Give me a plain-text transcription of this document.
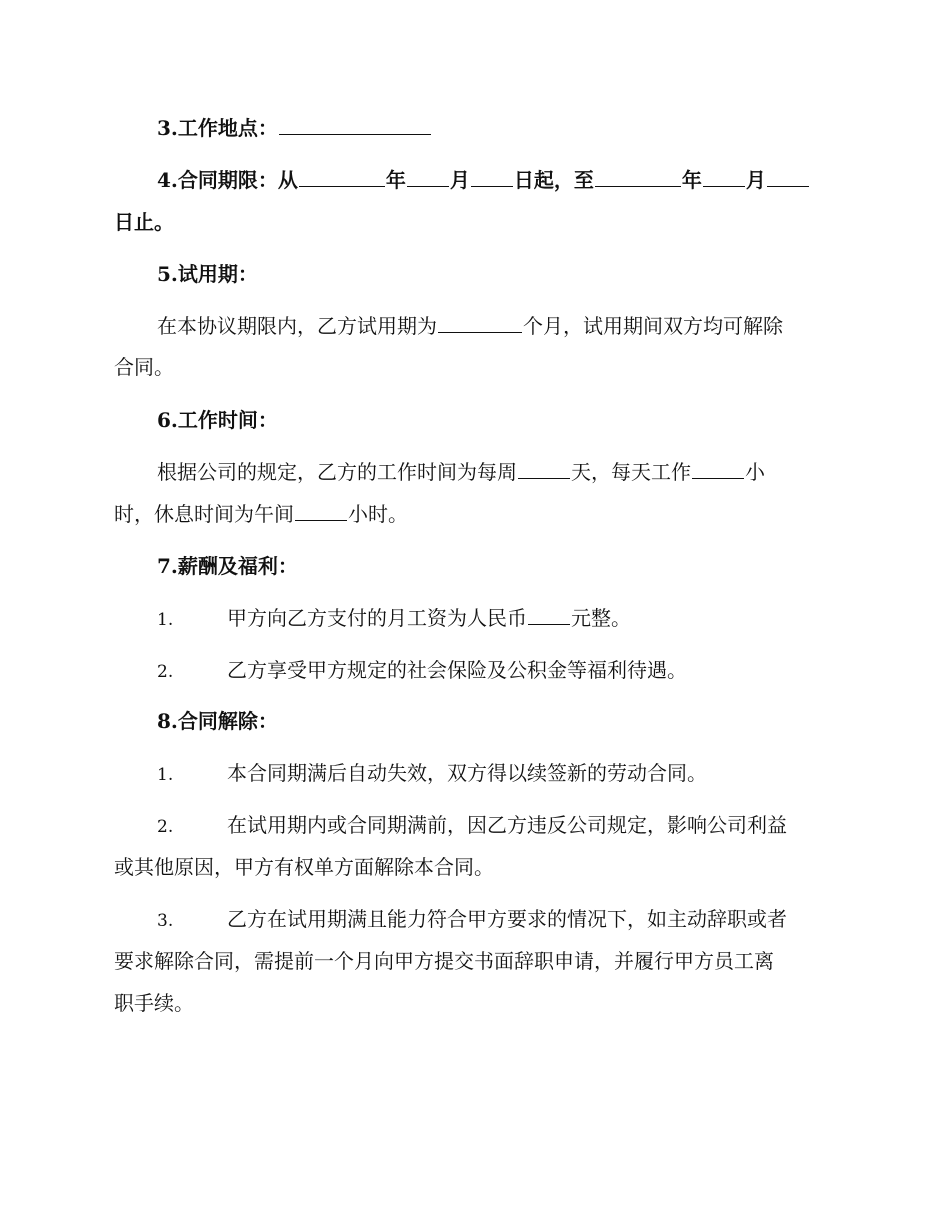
3.工作地点：
4.合同期限：从	年 月 日起，至	年 月
日止。
5.试用期：
在本协议期限内，乙方试用期为	个月，试用期间双方均可解除
合同。
6.工作时间：
根据公司的规定，乙方的工作时间为每周	天，每天工作	小
时，休息时间为午间	小时。
7.薪酬及福利：
1.	甲方向乙方支付的月工资为人民币 元整。
2.	乙方享受甲方规定的社会保险及公积金等福利待遇。
8.合同解除：
1.	本合同期满后自动失效，双方得以续签新的劳动合同。
2.	在试用期内或合同期满前，因乙方违反公司规定，影响公司利益
或其他原因，甲方有权单方面解除本合同。
3.	乙方在试用期满且能力符合甲方要求的情况下，如主动辞职或者
要求解除合同，需提前一个月向甲方提交书面辞职申请，并履行甲方员工离
职手续。
